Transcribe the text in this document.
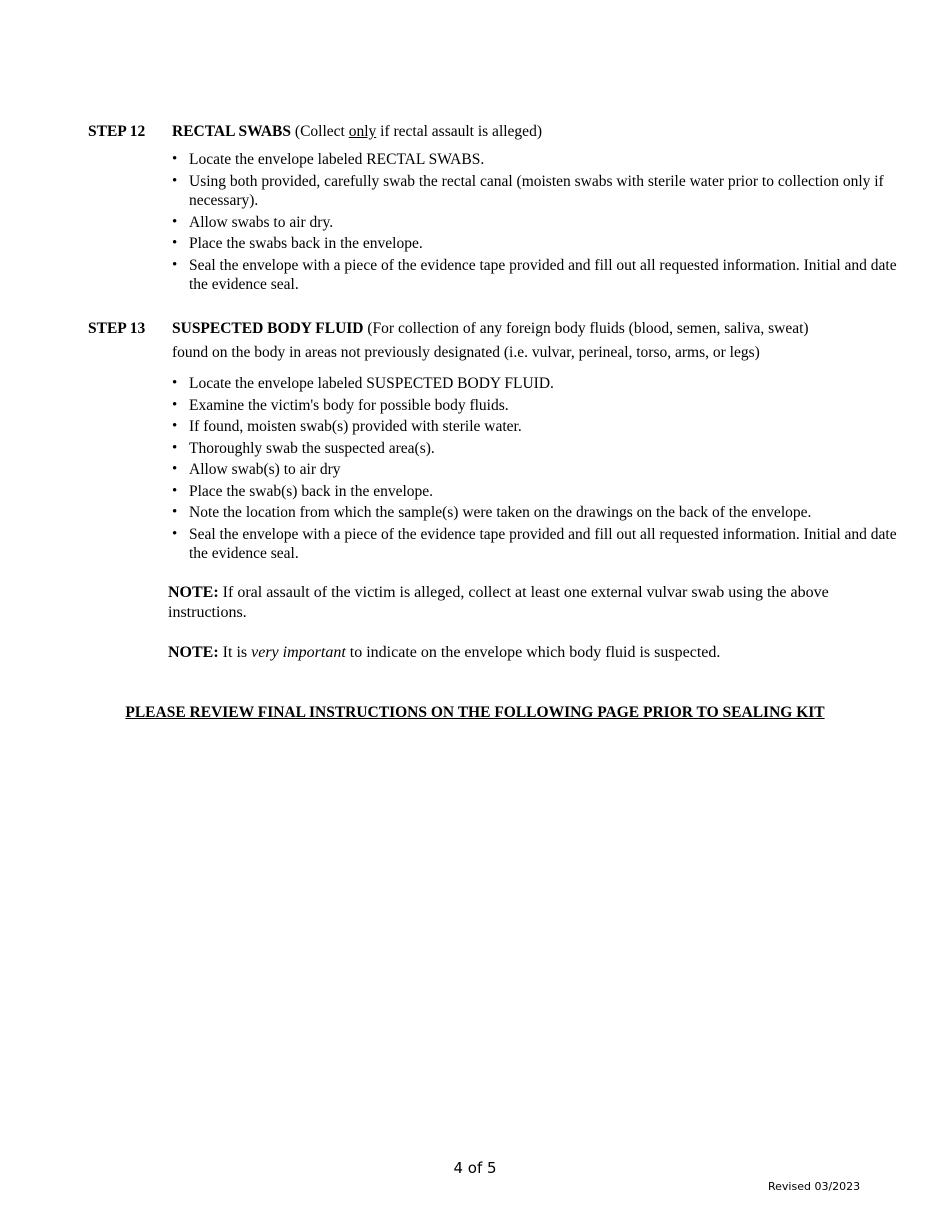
STEP 12 RECTAL SWABS (Collect only if rectal assault is alleged)
• Locate the envelope labeled RECTAL SWABS.
• Using both provided, carefully swab the rectal canal (moisten swabs with sterile water prior to collection only if necessary).
• Allow swabs to air dry.
• Place the swabs back in the envelope.
• Seal the envelope with a piece of the evidence tape provided and fill out all requested information. Initial and date the evidence seal.
STEP 13 SUSPECTED BODY FLUID (For collection of any foreign body fluids (blood, semen, saliva, sweat)
found on the body in areas not previously designated (i.e. vulvar, perineal, torso, arms, or legs)
• Locate the envelope labeled SUSPECTED BODY FLUID.
• Examine the victim's body for possible body fluids.
• If found, moisten swab(s) provided with sterile water.
• Thoroughly swab the suspected area(s).
• Allow swab(s) to air dry
• Place the swab(s) back in the envelope.
• Note the location from which the sample(s) were taken on the drawings on the back of the envelope.
• Seal the envelope with a piece of the evidence tape provided and fill out all requested information. Initial and date the evidence seal.
NOTE: If oral assault of the victim is alleged, collect at least one external vulvar swab using the above instructions.
NOTE: It is very important to indicate on the envelope which body fluid is suspected.
PLEASE REVIEW FINAL INSTRUCTIONS ON THE FOLLOWING PAGE PRIOR TO SEALING KIT
4 of 5
Revised 03/2023
